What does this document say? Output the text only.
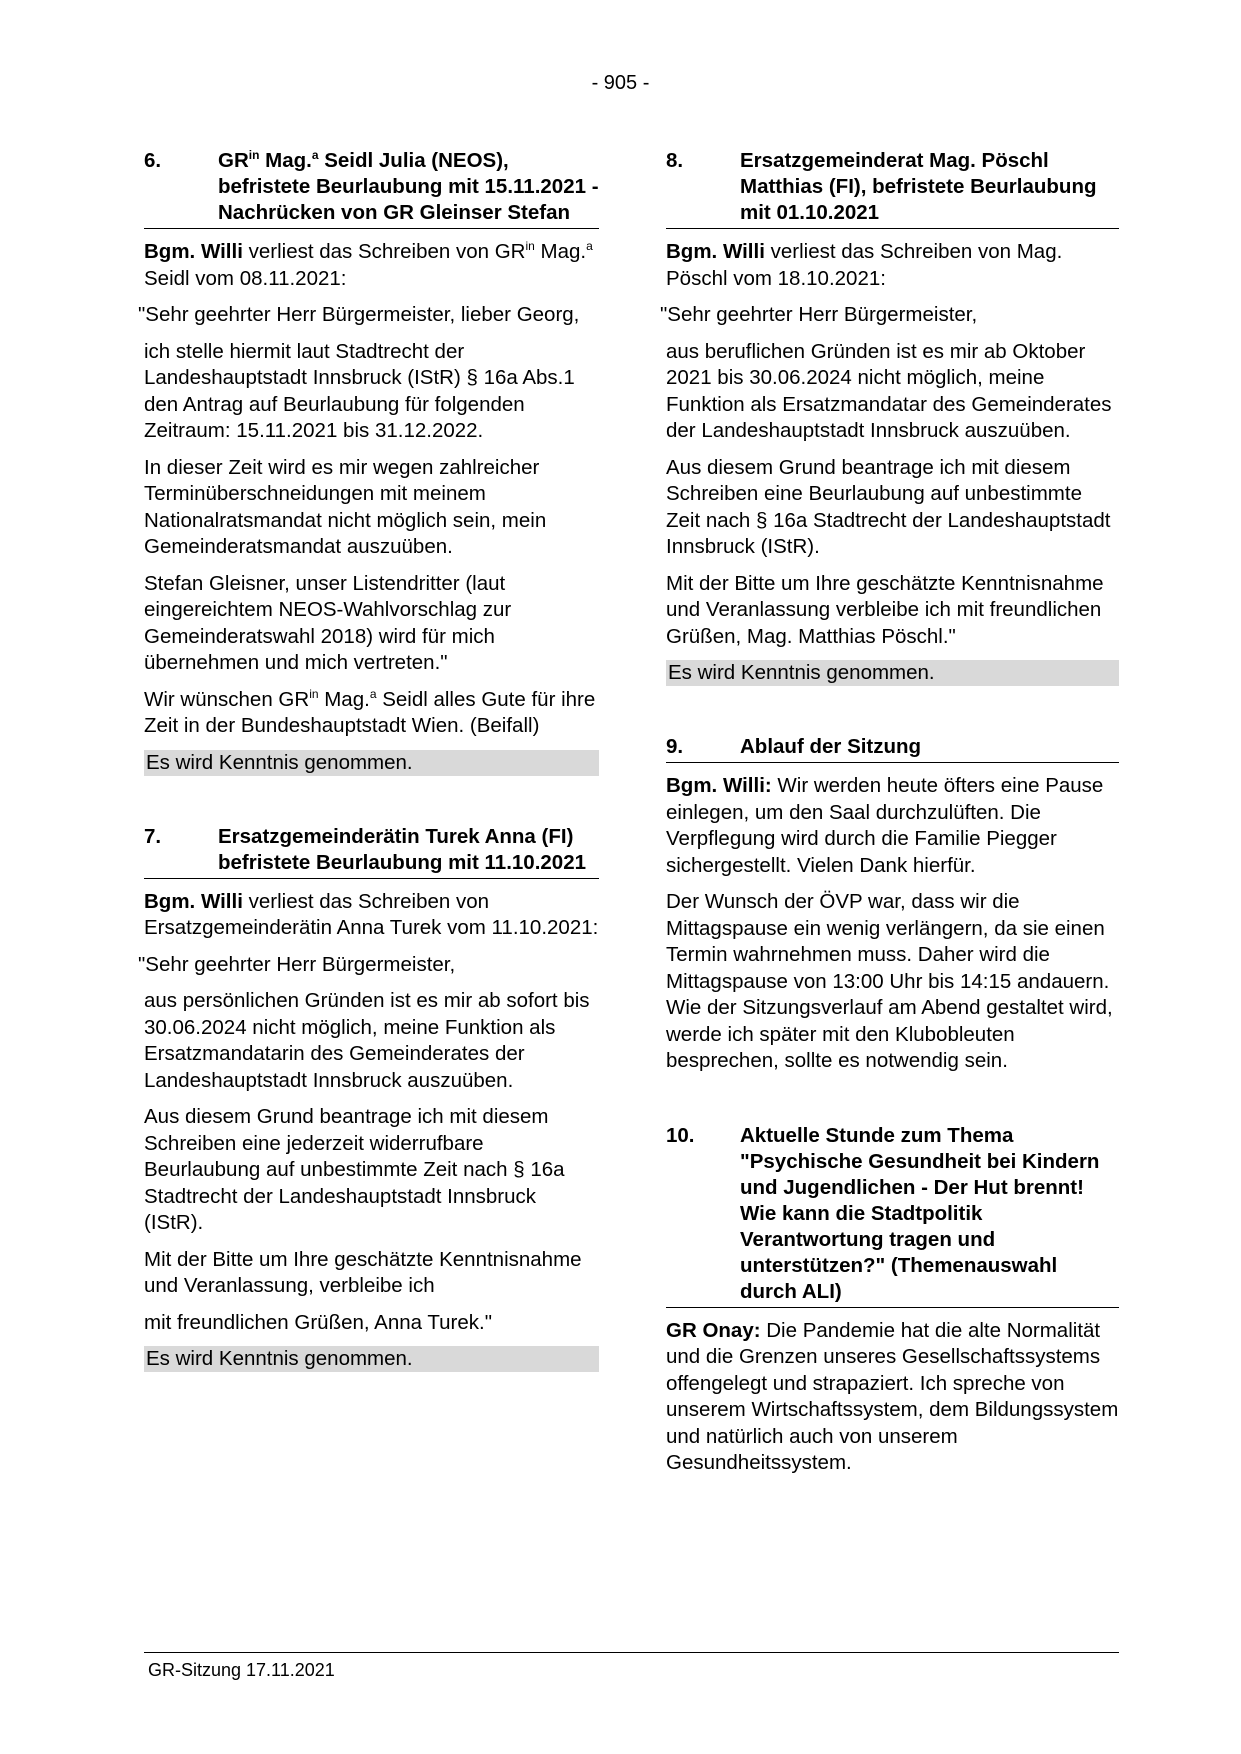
- 905 -
6.	$GR^{in}$ Mag.$^a$ Seidl Julia (NEOS), befristete Beurlaubung mit 15.11.2021 - Nachrücken von GR Gleinser Stefan

Bgm. Willi verliest das Schreiben von $GR^{in}$ Mag.$^a$ Seidl vom 08.11.2021:

"Sehr geehrter Herr Bürgermeister, lieber Georg,

ich stelle hiermit laut Stadtrecht der Landeshauptstadt Innsbruck (IStR) § 16a Abs.1 den Antrag auf Beurlaubung für folgenden Zeitraum: 15.11.2021 bis 31.12.2022.

In dieser Zeit wird es mir wegen zahlreicher Terminüberschneidungen mit meinem Nationalratsmandat nicht möglich sein, mein Gemeinderatsmandat auszuüben.

Stefan Gleisner, unser Listendritter (laut eingereichtem NEOS-Wahlvorschlag zur Gemeinderatswahl 2018) wird für mich übernehmen und mich vertreten."

Wir wünschen $GR^{in}$ Mag.$^a$ Seidl alles Gute für ihre Zeit in der Bundeshauptstadt Wien. (Beifall)

Es wird Kenntnis genommen.
7.	Ersatzgemeinderätin Turek Anna (FI) befristete Beurlaubung mit 11.10.2021

Bgm. Willi verliest das Schreiben von Ersatzgemeinderätin Anna Turek vom 11.10.2021:

"Sehr geehrter Herr Bürgermeister,

aus persönlichen Gründen ist es mir ab sofort bis 30.06.2024 nicht möglich, meine Funktion als Ersatzmandatarin des Gemeinderates der Landeshauptstadt Innsbruck auszuüben.

Aus diesem Grund beantrage ich mit diesem Schreiben eine jederzeit widerrufbare Beurlaubung auf unbestimmte Zeit nach § 16a Stadtrecht der Landeshauptstadt Innsbruck (IStR).

Mit der Bitte um Ihre geschätzte Kenntnisnahme und Veranlassung, verbleibe ich

mit freundlichen Grüßen, Anna Turek."

Es wird Kenntnis genommen.
8.	Ersatzgemeinderat Mag. Pöschl Matthias (FI), befristete Beurlaubung mit 01.10.2021

Bgm. Willi verliest das Schreiben von Mag. Pöschl vom 18.10.2021:

"Sehr geehrter Herr Bürgermeister,

aus beruflichen Gründen ist es mir ab Oktober 2021 bis 30.06.2024 nicht möglich, meine Funktion als Ersatzmandatar des Gemeinderates der Landeshauptstadt Innsbruck auszuüben.

Aus diesem Grund beantrage ich mit diesem Schreiben eine Beurlaubung auf unbestimmte Zeit nach § 16a Stadtrecht der Landeshauptstadt Innsbruck (IStR).

Mit der Bitte um Ihre geschätzte Kenntnisnahme und Veranlassung verbleibe ich mit freundlichen Grüßen, Mag. Matthias Pöschl."

Es wird Kenntnis genommen.
9.	Ablauf der Sitzung

Bgm. Willi: Wir werden heute öfters eine Pause einlegen, um den Saal durchzulüften. Die Verpflegung wird durch die Familie Piegger sichergestellt. Vielen Dank hierfür.

Der Wunsch der ÖVP war, dass wir die Mittagspause ein wenig verlängern, da sie einen Termin wahrnehmen muss. Daher wird die Mittagspause von 13:00 Uhr bis 14:15 andauern. Wie der Sitzungsverlauf am Abend gestaltet wird, werde ich später mit den Klubobleuten besprechen, sollte es notwendig sein.

10.	Aktuelle Stunde zum Thema "Psychische Gesundheit bei Kindern und Jugendlichen - Der Hut brennt! Wie kann die Stadtpolitik Verantwortung tragen und unterstützen?" (Themenauswahl durch ALI)

GR Onay: Die Pandemie hat die alte Normalität und die Grenzen unseres Gesellschaftssystems offengelegt und strapaziert. Ich spreche von unserem Wirtschaftssystem, dem Bildungssystem und natürlich auch von unserem Gesundheitssystem.

GR-Sitzung 17.11.2021
